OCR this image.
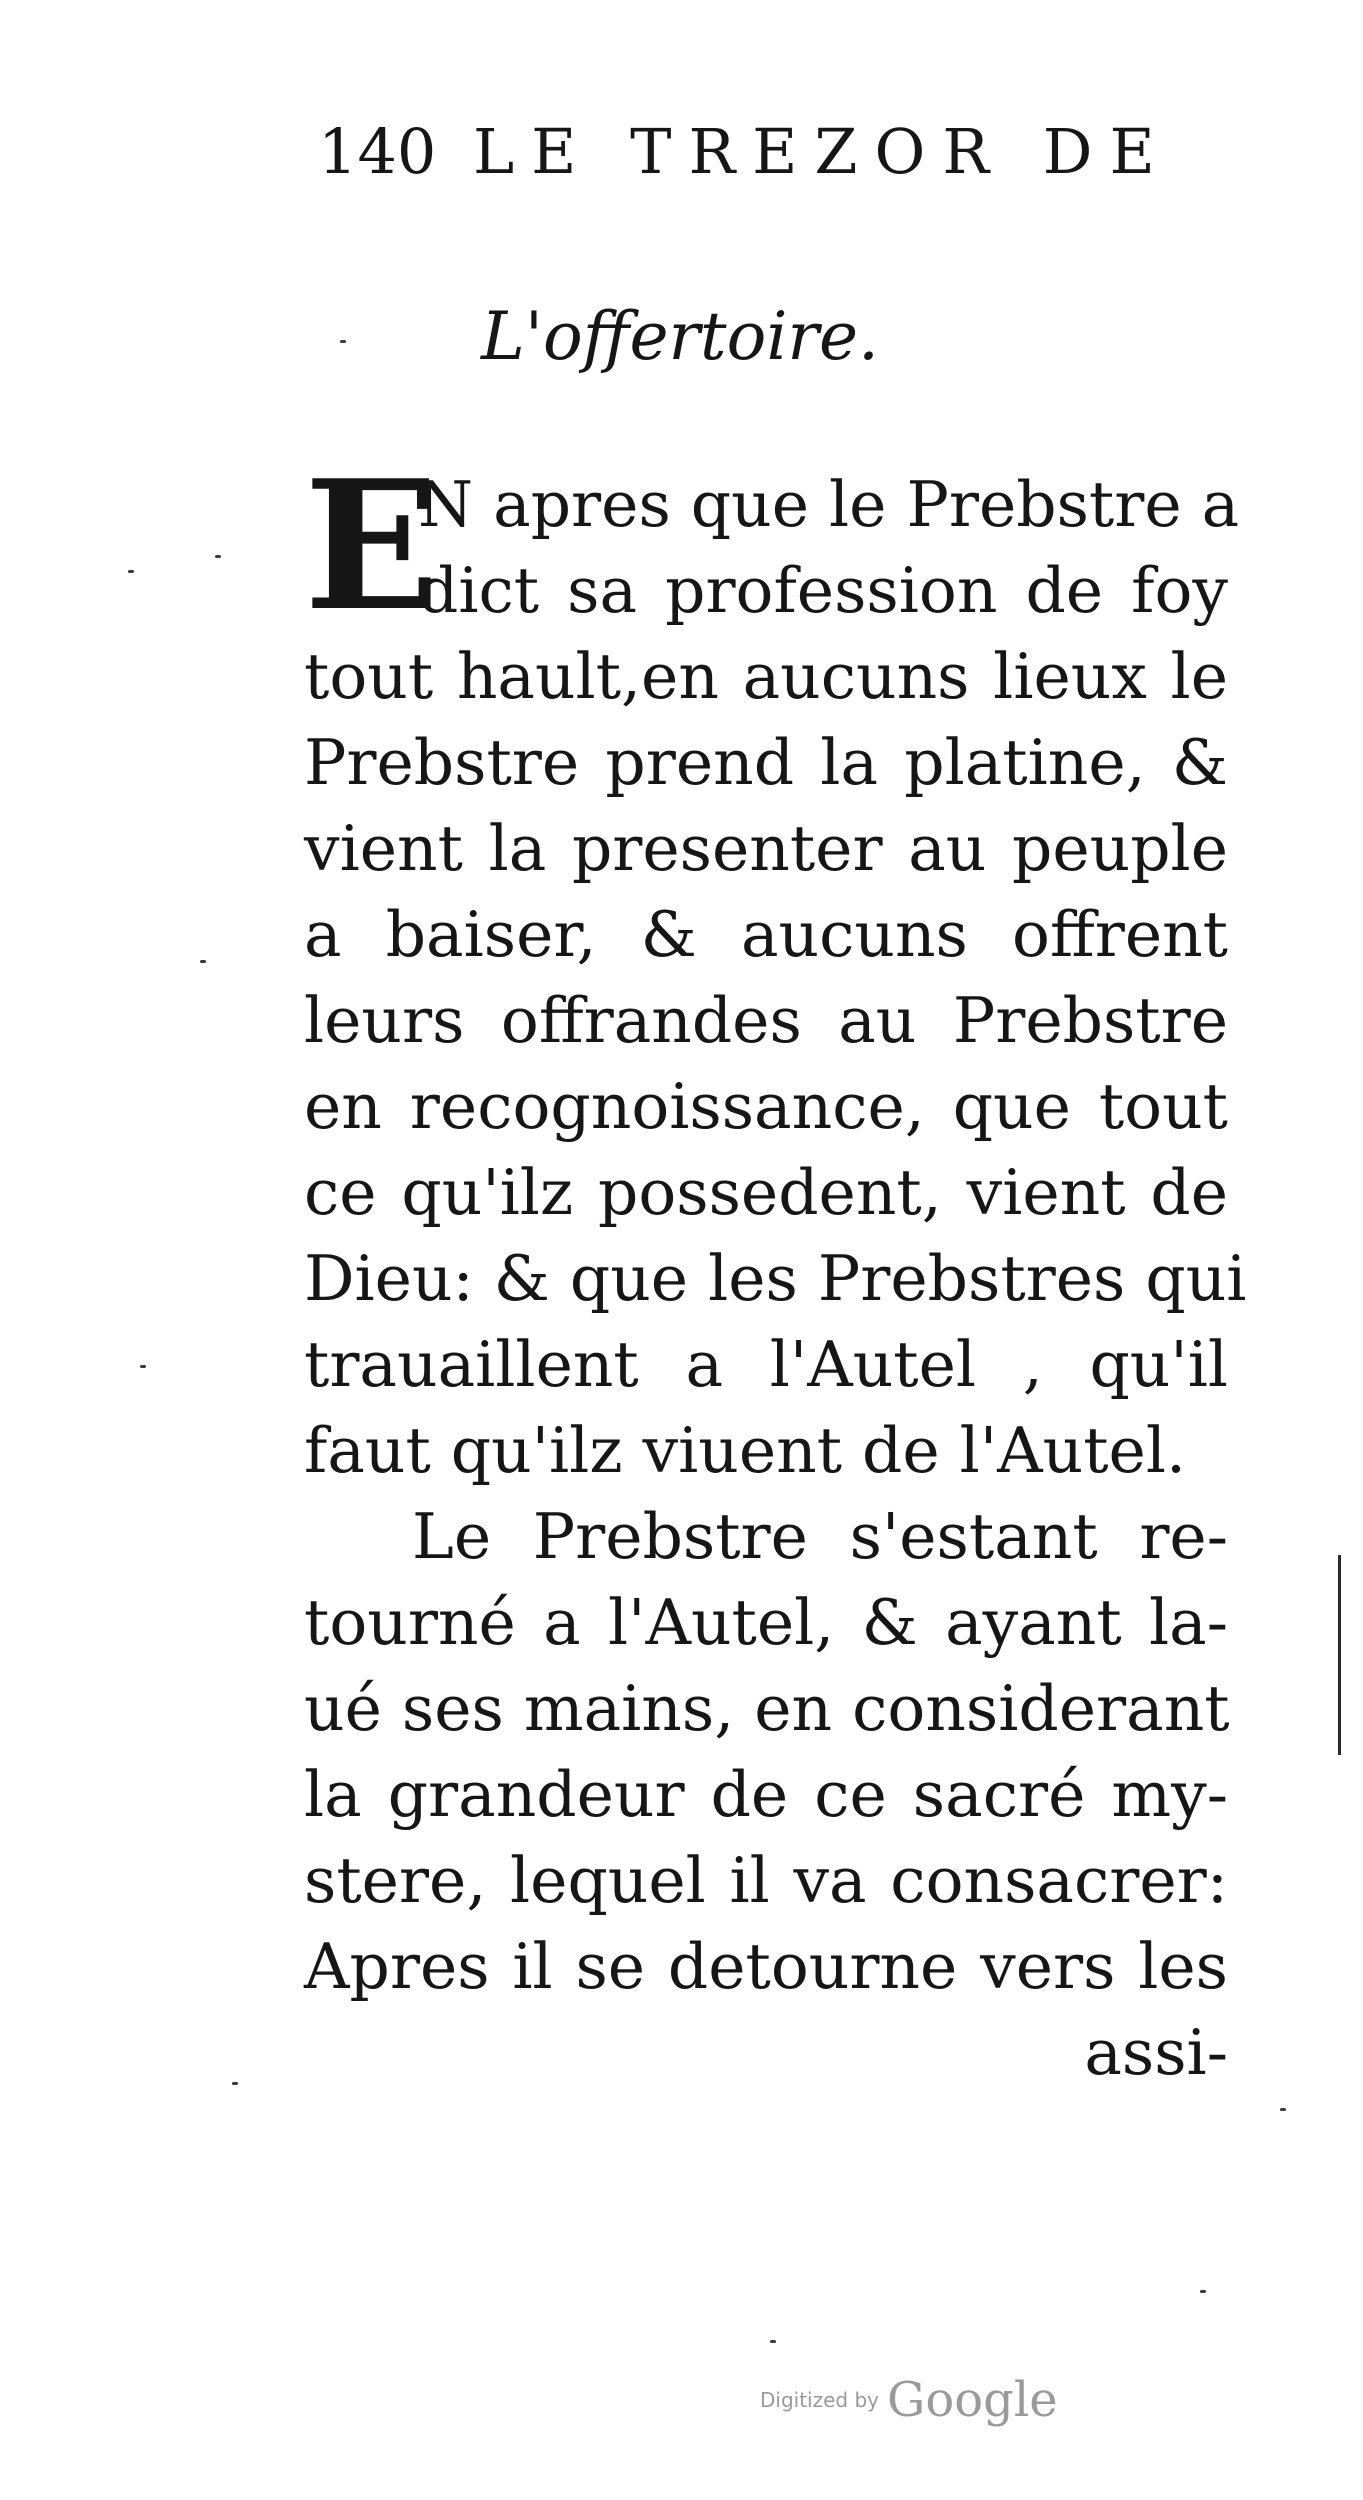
140 LE TREZOR DE
L'offertoire.
E
N apres que le Prebstre a
dict sa profession de foy
tout hault,en aucuns lieux le
Prebstre prend la platine, &
vient la presenter au peuple
a baiser, & aucuns offrent
leurs offrandes au Prebstre
en recognoissance, que tout
ce qu'ilz possedent, vient de
Dieu: & que les Prebstres qui
trauaillent a l'Autel , qu'il
faut qu'ilz viuent de l'Autel.
Le Prebstre s'estant re-
tourné a l'Autel, & ayant la-
ué ses mains, en considerant
la grandeur de ce sacré my-
stere, lequel il va consacrer:
Apres il se detourne vers les
assi-
Digitized by Google
